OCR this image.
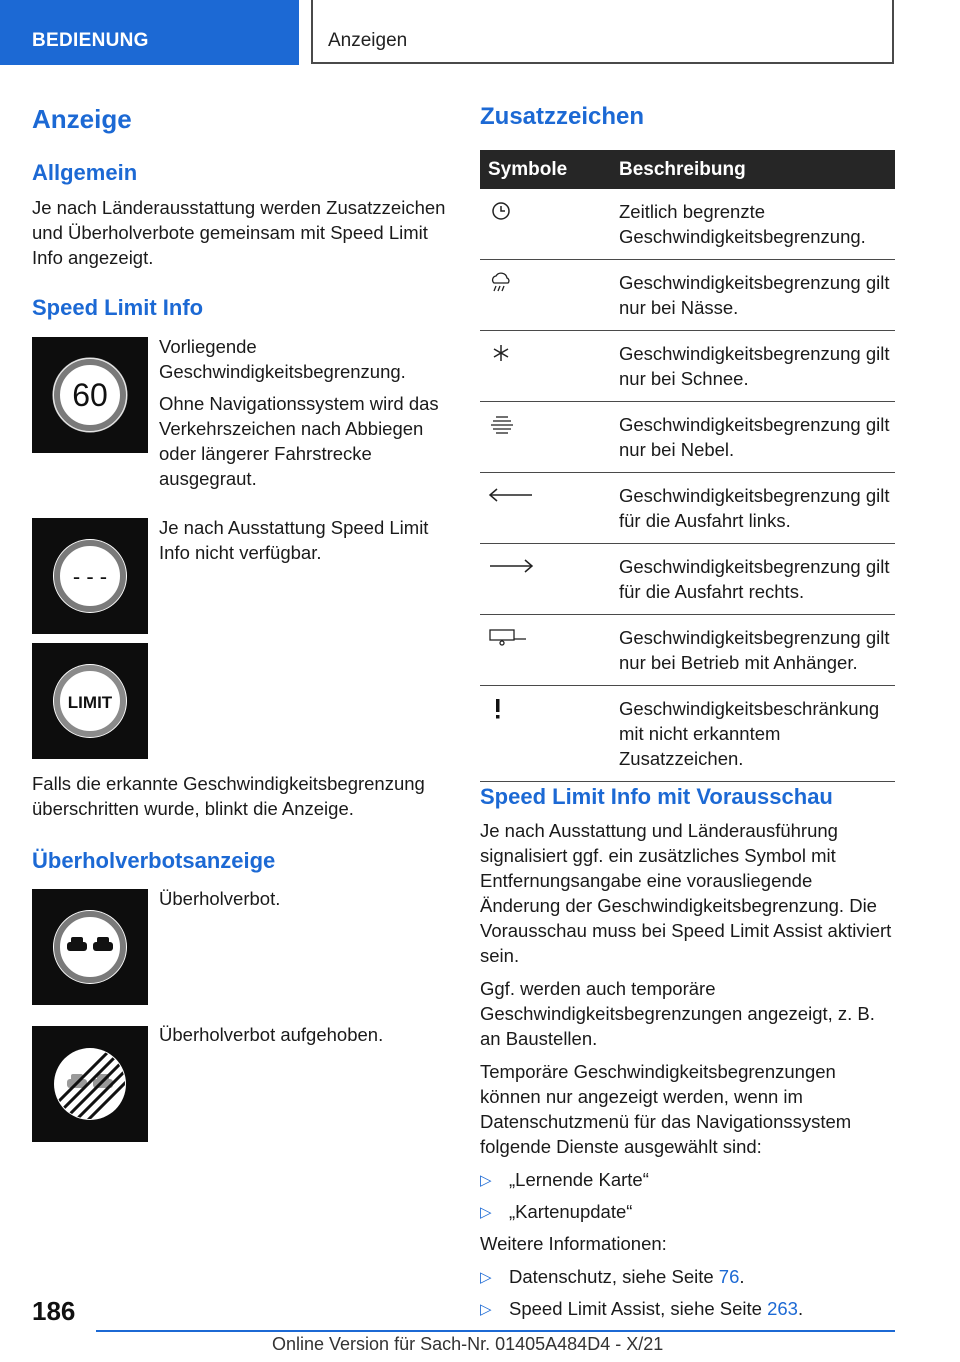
BEDIENUNG	Anzeigen
Anzeige
Allgemein
Je nach Länderausstattung werden Zusatzzeichen und Überholverbote gemeinsam mit Speed Limit Info angezeigt.
Speed Limit Info
60

Vorliegende Geschwindigkeitsbegrenzung.

Ohne Navigationssystem wird das Verkehrszeichen nach Abbiegen oder längerer Fahrstrecke ausgegraut.
- - -
Je nach Ausstattung Speed Limit Info nicht verfügbar.
LIMIT
Falls die erkannte Geschwindigkeitsbegrenzung überschritten wurde, blinkt die Anzeige.
Überholverbotsanzeige
Überholverbot.
Überholverbot aufgehoben.
Zusatzzeichen
Symbole	Beschreibung

	Zeitlich begrenzte Geschwindigkeitsbegrenzung.

	Geschwindigkeitsbegrenzung gilt nur bei Nässe.

	Geschwindigkeitsbegrenzung gilt nur bei Schnee.

	Geschwindigkeitsbegrenzung gilt nur bei Nebel.

	Geschwindigkeitsbegrenzung gilt für die Ausfahrt links.

	Geschwindigkeitsbegrenzung gilt für die Ausfahrt rechts.

	Geschwindigkeitsbegrenzung gilt nur bei Betrieb mit Anhänger.

	Geschwindigkeitsbeschränkung mit nicht erkanntem Zusatzzeichen.
Speed Limit Info mit Vorausschau

Je nach Ausstattung und Länderausführung signalisiert ggf. ein zusätzliches Symbol mit Entfernungsangabe eine vorausliegende Änderung der Geschwindigkeitsbegrenzung. Die Vorausschau muss bei Speed Limit Assist aktiviert sein.

Ggf. werden auch temporäre Geschwindigkeitsbegrenzungen angezeigt, z. B. an Baustellen.

Temporäre Geschwindigkeitsbegrenzungen können nur angezeigt werden, wenn im Datenschutzmenü für das Navigationssystem folgende Dienste ausgewählt sind:

▷ „Lernende Karte“
▷ „Kartenupdate“

Weitere Informationen:

▷ Datenschutz, siehe Seite 76.
▷ Speed Limit Assist, siehe Seite 263.
186
Online Version für Sach-Nr. 01405A484D4 - X/21
